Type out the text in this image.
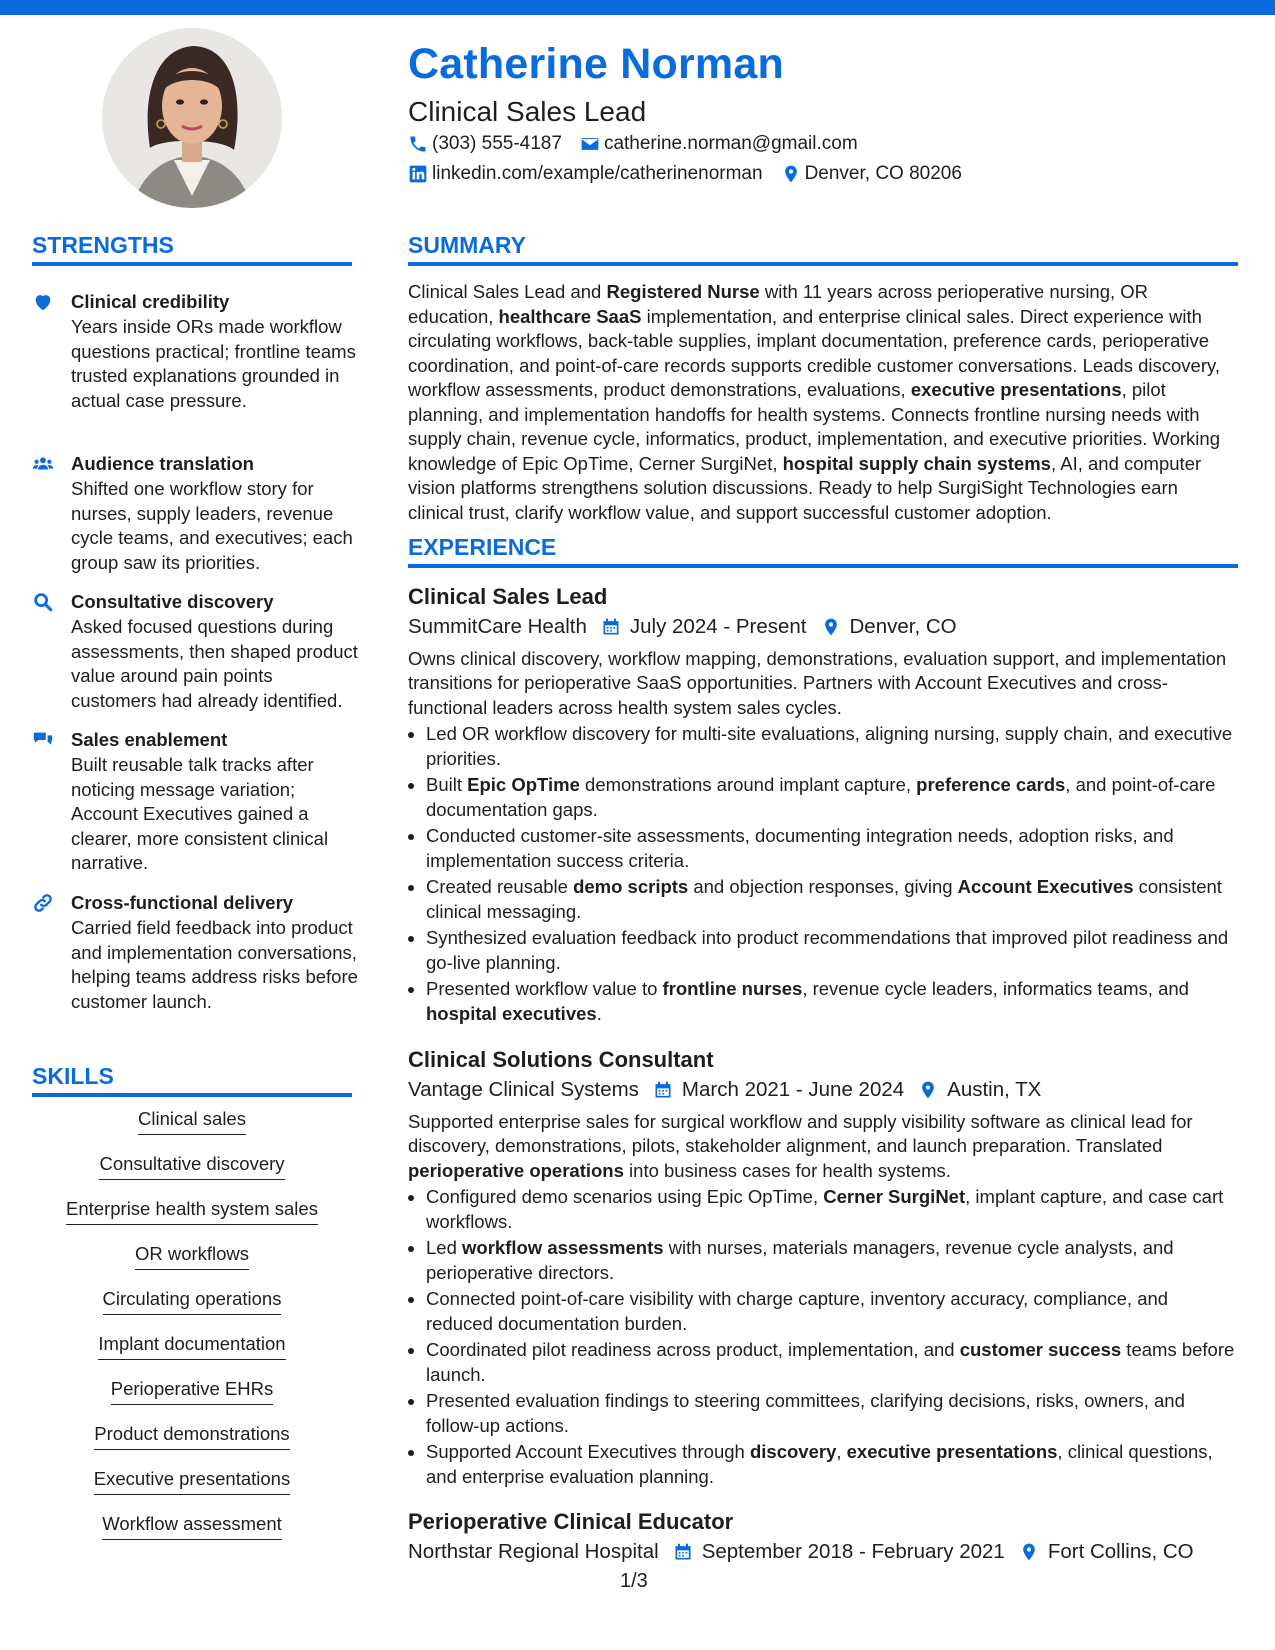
Catherine Norman
Clinical Sales Lead
(303) 555-4187 catherine.norman@gmail.com
linkedin.com/example/catherinenorman Denver, CO 80206
STRENGTHS
Clinical credibility
Years inside ORs made workflow questions practical; frontline teams trusted explanations grounded in actual case pressure.
Audience translation
Shifted one workflow story for nurses, supply leaders, revenue cycle teams, and executives; each group saw its priorities.
Consultative discovery
Asked focused questions during assessments, then shaped product value around pain points customers had already identified.
Sales enablement
Built reusable talk tracks after noticing message variation; Account Executives gained a clearer, more consistent clinical narrative.
Cross-functional delivery
Carried field feedback into product and implementation conversations, helping teams address risks before customer launch.
SKILLS
Clinical sales
Consultative discovery
Enterprise health system sales
OR workflows
Circulating operations
Implant documentation
Perioperative EHRs
Product demonstrations
Executive presentations
Workflow assessment
SUMMARY
Clinical Sales Lead and Registered Nurse with 11 years across perioperative nursing, OR education, healthcare SaaS implementation, and enterprise clinical sales. Direct experience with circulating workflows, back-table supplies, implant documentation, preference cards, perioperative coordination, and point-of-care records supports credible customer conversations. Leads discovery, workflow assessments, product demonstrations, evaluations, executive presentations, pilot planning, and implementation handoffs for health systems. Connects frontline nursing needs with supply chain, revenue cycle, informatics, product, implementation, and executive priorities. Working knowledge of Epic OpTime, Cerner SurgiNet, hospital supply chain systems, AI, and computer vision platforms strengthens solution discussions. Ready to help SurgiSight Technologies earn clinical trust, clarify workflow value, and support successful customer adoption.
EXPERIENCE
Clinical Sales Lead
SummitCare Health July 2024 - Present Denver, CO

Owns clinical discovery, workflow mapping, demonstrations, evaluation support, and implementation transitions for perioperative SaaS opportunities. Partners with Account Executives and cross-functional leaders across health system sales cycles.

• Led OR workflow discovery for multi-site evaluations, aligning nursing, supply chain, and executive priorities.
• Built Epic OpTime demonstrations around implant capture, preference cards, and point-of-care documentation gaps.
• Conducted customer-site assessments, documenting integration needs, adoption risks, and implementation success criteria.
• Created reusable demo scripts and objection responses, giving Account Executives consistent clinical messaging.
• Synthesized evaluation feedback into product recommendations that improved pilot readiness and go-live planning.
• Presented workflow value to frontline nurses, revenue cycle leaders, informatics teams, and hospital executives.
Clinical Solutions Consultant
Vantage Clinical Systems March 2021 - June 2024 Austin, TX

Supported enterprise sales for surgical workflow and supply visibility software as clinical lead for discovery, demonstrations, pilots, stakeholder alignment, and launch preparation. Translated perioperative operations into business cases for health systems.

• Configured demo scenarios using Epic OpTime, Cerner SurgiNet, implant capture, and case cart workflows.
• Led workflow assessments with nurses, materials managers, revenue cycle analysts, and perioperative directors.
• Connected point-of-care visibility with charge capture, inventory accuracy, compliance, and reduced documentation burden.
• Coordinated pilot readiness across product, implementation, and customer success teams before launch.
• Presented evaluation findings to steering committees, clarifying decisions, risks, owners, and follow-up actions.
• Supported Account Executives through discovery, executive presentations, clinical questions, and enterprise evaluation planning.
Perioperative Clinical Educator
Northstar Regional Hospital September 2018 - February 2021 Fort Collins, CO
1/3
